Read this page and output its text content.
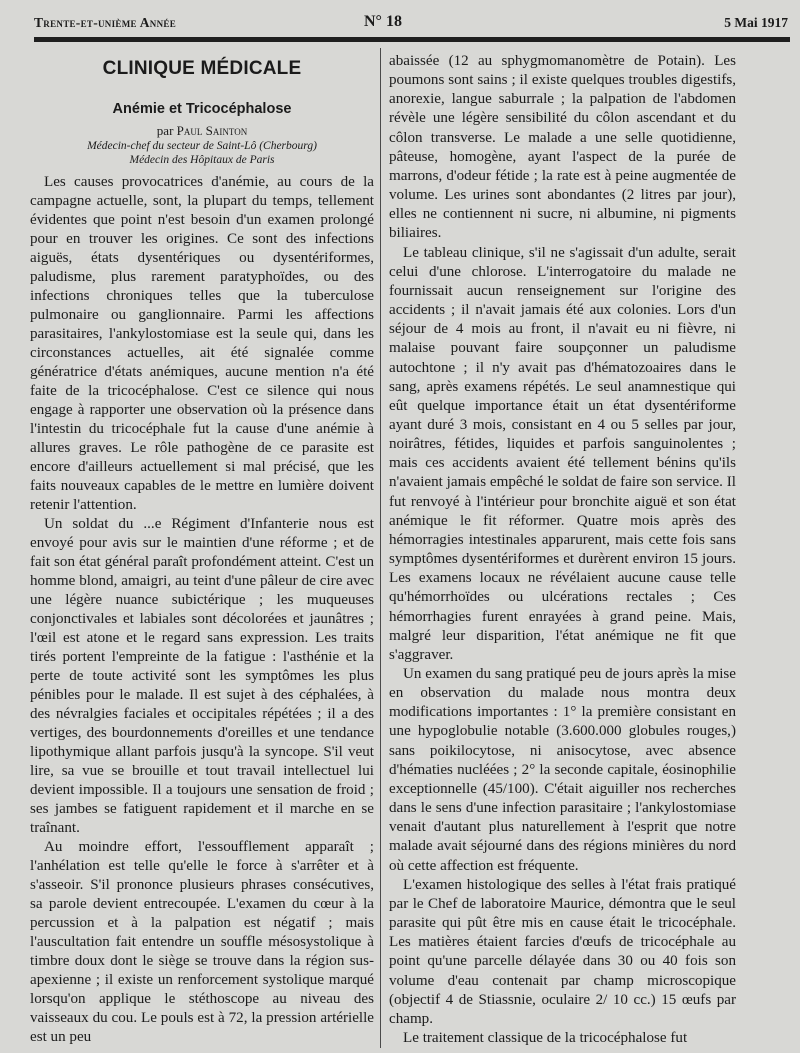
Trente-et-unième Année	N° 18	5 Mai 1917
CLINIQUE MÉDICALE
Anémie et Tricocéphalose
par Paul Sainton
Médecin-chef du secteur de Saint-Lô (Cherbourg)
Médecin des Hôpitaux de Paris

Les causes provocatrices d'anémie, au cours de la campagne actuelle, sont, la plupart du temps, tellement évidentes que point n'est besoin d'un examen prolongé pour en trouver les origines. Ce sont des infections aiguës, états dysentériques ou dysentériformes, paludisme, plus rarement paratyphoïdes, ou des infections chroniques telles que la tuberculose pulmonaire ou ganglionnaire. Parmi les affections parasitaires, l'ankylostomiase est la seule qui, dans les circonstances actuelles, ait été signalée comme génératrice d'états anémiques, aucune mention n'a été faite de la tricocéphalose. C'est ce silence qui nous engage à rapporter une observation où la présence dans l'intestin du tricocéphale fut la cause d'une anémie à allures graves. Le rôle pathogène de ce parasite est encore d'ailleurs actuellement si mal précisé, que les faits nouveaux capables de le mettre en lumière doivent retenir l'attention.

Un soldat du ...e Régiment d'Infanterie nous est envoyé pour avis sur le maintien d'une réforme ; et de fait son état général paraît profondément atteint. C'est un homme blond, amaigri, au teint d'une pâleur de cire avec une légère nuance subictérique ; les muqueuses conjonctivales et labiales sont décolorées et jaunâtres ; l'œil est atone et le regard sans expression. Les traits tirés portent l'empreinte de la fatigue : l'asthénie et la perte de toute activité sont les symptômes les plus pénibles pour le malade. Il est sujet à des céphalées, à des névralgies faciales et occipitales répétées ; il a des vertiges, des bourdonnements d'oreilles et une tendance lipothymique allant parfois jusqu'à la syncope. S'il veut lire, sa vue se brouille et tout travail intellectuel lui devient impossible. Il a toujours une sensation de froid ; ses jambes se fatiguent rapidement et il marche en se traînant.

Au moindre effort, l'essoufflement apparaît ; l'anhélation est telle qu'elle le force à s'arrêter et à s'asseoir. S'il prononce plusieurs phrases consécutives, sa parole devient entrecoupée. L'examen du cœur à la percussion et à la palpation est négatif ; mais l'auscultation fait entendre un souffle mésosystolique à timbre doux dont le siège se trouve dans la région sus-apexienne ; il existe un renforcement systolique marqué lorsqu'on applique le stéthoscope au niveau des vaisseaux du cou. Le pouls est à 72, la pression artérielle est un peu

abaissée (12 au sphygmomanomètre de Potain). Les poumons sont sains ; il existe quelques troubles digestifs, anorexie, langue saburrale ; la palpation de l'abdomen révèle une légère sensibilité du côlon ascendant et du côlon transverse. Le malade a une selle quotidienne, pâteuse, homogène, ayant l'aspect de la purée de marrons, d'odeur fétide ; la rate est à peine augmentée de volume. Les urines sont abondantes (2 litres par jour), elles ne contiennent ni sucre, ni albumine, ni pigments biliaires.

Le tableau clinique, s'il ne s'agissait d'un adulte, serait celui d'une chlorose. L'interrogatoire du malade ne fournissait aucun renseignement sur l'origine des accidents ; il n'avait jamais été aux colonies. Lors d'un séjour de 4 mois au front, il n'avait eu ni fièvre, ni malaise pouvant faire soupçonner un paludisme autochtone ; il n'y avait pas d'hématozoaires dans le sang, après examens répétés. Le seul anamnestique qui eût quelque importance était un état dysentériforme ayant duré 3 mois, consistant en 4 ou 5 selles par jour, noirâtres, fétides, liquides et parfois sanguinolentes ; mais ces accidents avaient été tellement bénins qu'ils n'avaient jamais empêché le soldat de faire son service. Il fut renvoyé à l'intérieur pour bronchite aiguë et son état anémique le fit réformer. Quatre mois après des hémorragies intestinales apparurent, mais cette fois sans symptômes dysentériformes et durèrent environ 15 jours. Les examens locaux ne révélaient aucune cause telle qu'hémorrhoïdes ou ulcérations rectales ; Ces hémorrhagies furent enrayées à grand peine. Mais, malgré leur disparition, l'état anémique ne fit que s'aggraver.

Un examen du sang pratiqué peu de jours après la mise en observation du malade nous montra deux modifications importantes : 1° la première consistant en une hypoglobulie notable (3.600.000 globules rouges,) sans poikilocytose, ni anisocytose, avec absence d'hématies nucléées ; 2° la seconde capitale, éosinophilie exceptionnelle (45/100). C'était aiguiller nos recherches dans le sens d'une infection parasitaire ; l'ankylostomiase venait d'autant plus naturellement à l'esprit que notre malade avait séjourné dans des régions minières du nord où cette affection est fréquente.

L'examen histologique des selles à l'état frais pratiqué par le Chef de laboratoire Maurice, démontra que le seul parasite qui pût être mis en cause était le tricocéphale. Les matières étaient farcies d'œufs de tricocéphale au point qu'une parcelle délayée dans 30 ou 40 fois son volume d'eau contenait par champ microscopique (objectif 4 de Stiassnie, oculaire 2/ 10 cc.) 15 œufs par champ.

Le traitement classique de la tricocéphalose fut
